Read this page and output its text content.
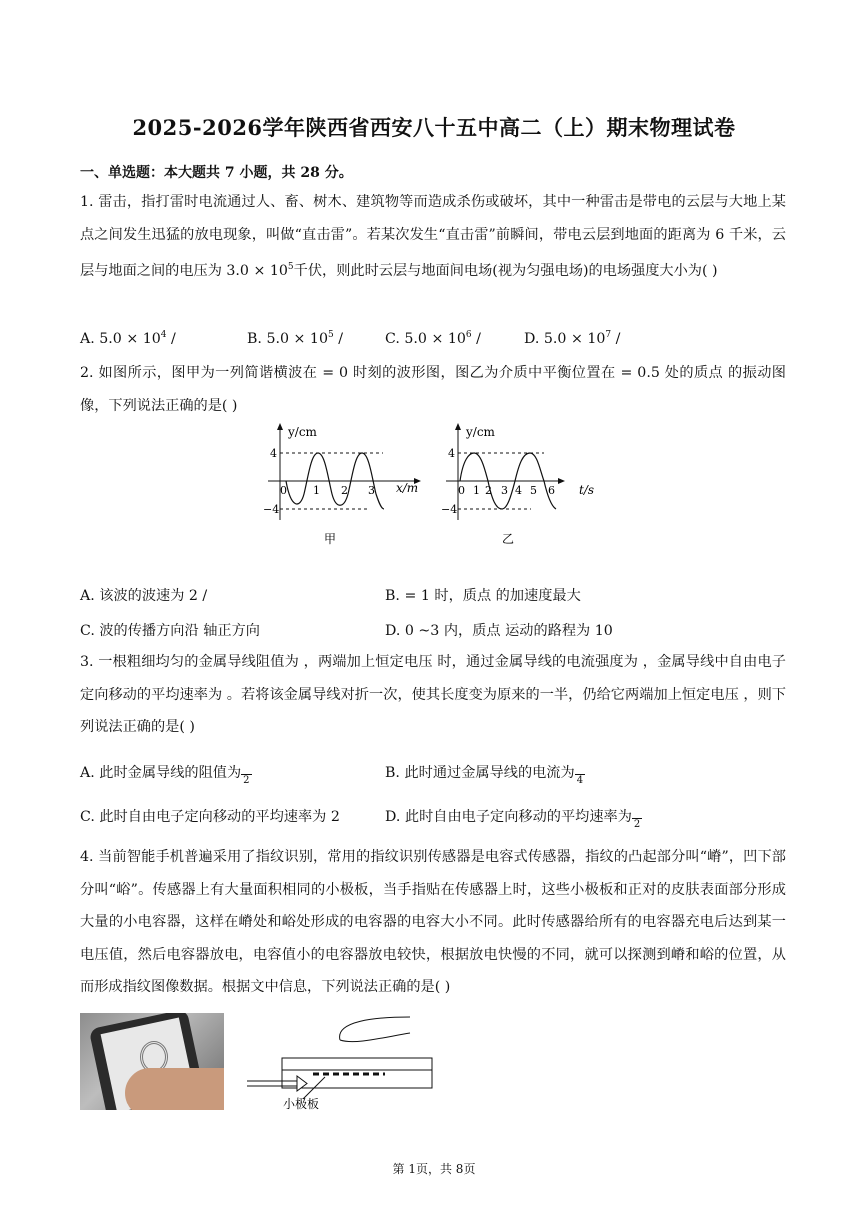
2025-2026学年陕西省西安八十五中高二（上）期末物理试卷
一、单选题：本大题共 7 小题，共 28 分。
1. 雷击，指打雷时电流通过人、畜、树木、建筑物等而造成杀伤或破坏，其中一种雷击是带电的云层与大地上某点之间发生迅猛的放电现象，叫做“直击雷”。若某次发生“直击雷”前瞬间，带电云层到地面的距离为 6 千米，云层与地面之间的电压为 $3.0 \times 10^5$千伏，则此时云层与地面间电场(视为匀强电场)的电场强度大小为( )
A. $5.0 \times 10^4$ /	B. $5.0 \times 10^5$ /	C. $5.0 \times 10^6$ /	D. $5.0 \times 10^7$ /
2. 如图所示，图甲为一列简谐横波在 = 0 时刻的波形图，图乙为介质中平衡位置在 = 0.5 处的质点 的振动图像，下列说法正确的是( )
y/cm
4
−4
0 1 2 3 x/m
甲
y/cm
4
−4
0 1 2 3 4 5 6 t/s
乙
A. 该波的波速为 2 /	B. = 1 时，质点 的加速度最大
C. 波的传播方向沿 轴正方向	D. 0 ~3 内，质点 运动的路程为 10
3. 一根粗细均匀的金属导线阻值为 ，两端加上恒定电压 时，通过金属导线的电流强度为 ，金属导线中自由电子定向移动的平均速率为 。若将该金属导线对折一次，使其长度变为原来的一半，仍给它两端加上恒定电压 ，则下列说法正确的是( )
A. 此时金属导线的阻值为 2	B. 此时通过金属导线的电流为 4
C. 此时自由电子定向移动的平均速率为 2	D. 此时自由电子定向移动的平均速率为 2
4. 当前智能手机普遍采用了指纹识别，常用的指纹识别传感器是电容式传感器，指纹的凸起部分叫“嵴”，凹下部分叫“峪”。传感器上有大量面积相同的小极板，当手指贴在传感器上时，这些小极板和正对的皮肤表面部分形成大量的小电容器，这样在嵴处和峪处形成的电容器的电容大小不同。此时传感器给所有的电容器充电后达到某一电压值，然后电容器放电，电容值小的电容器放电较快，根据放电快慢的不同，就可以探测到嵴和峪的位置，从而形成指纹图像数据。根据文中信息，下列说法正确的是( )
小极板
第 1页，共 8页
